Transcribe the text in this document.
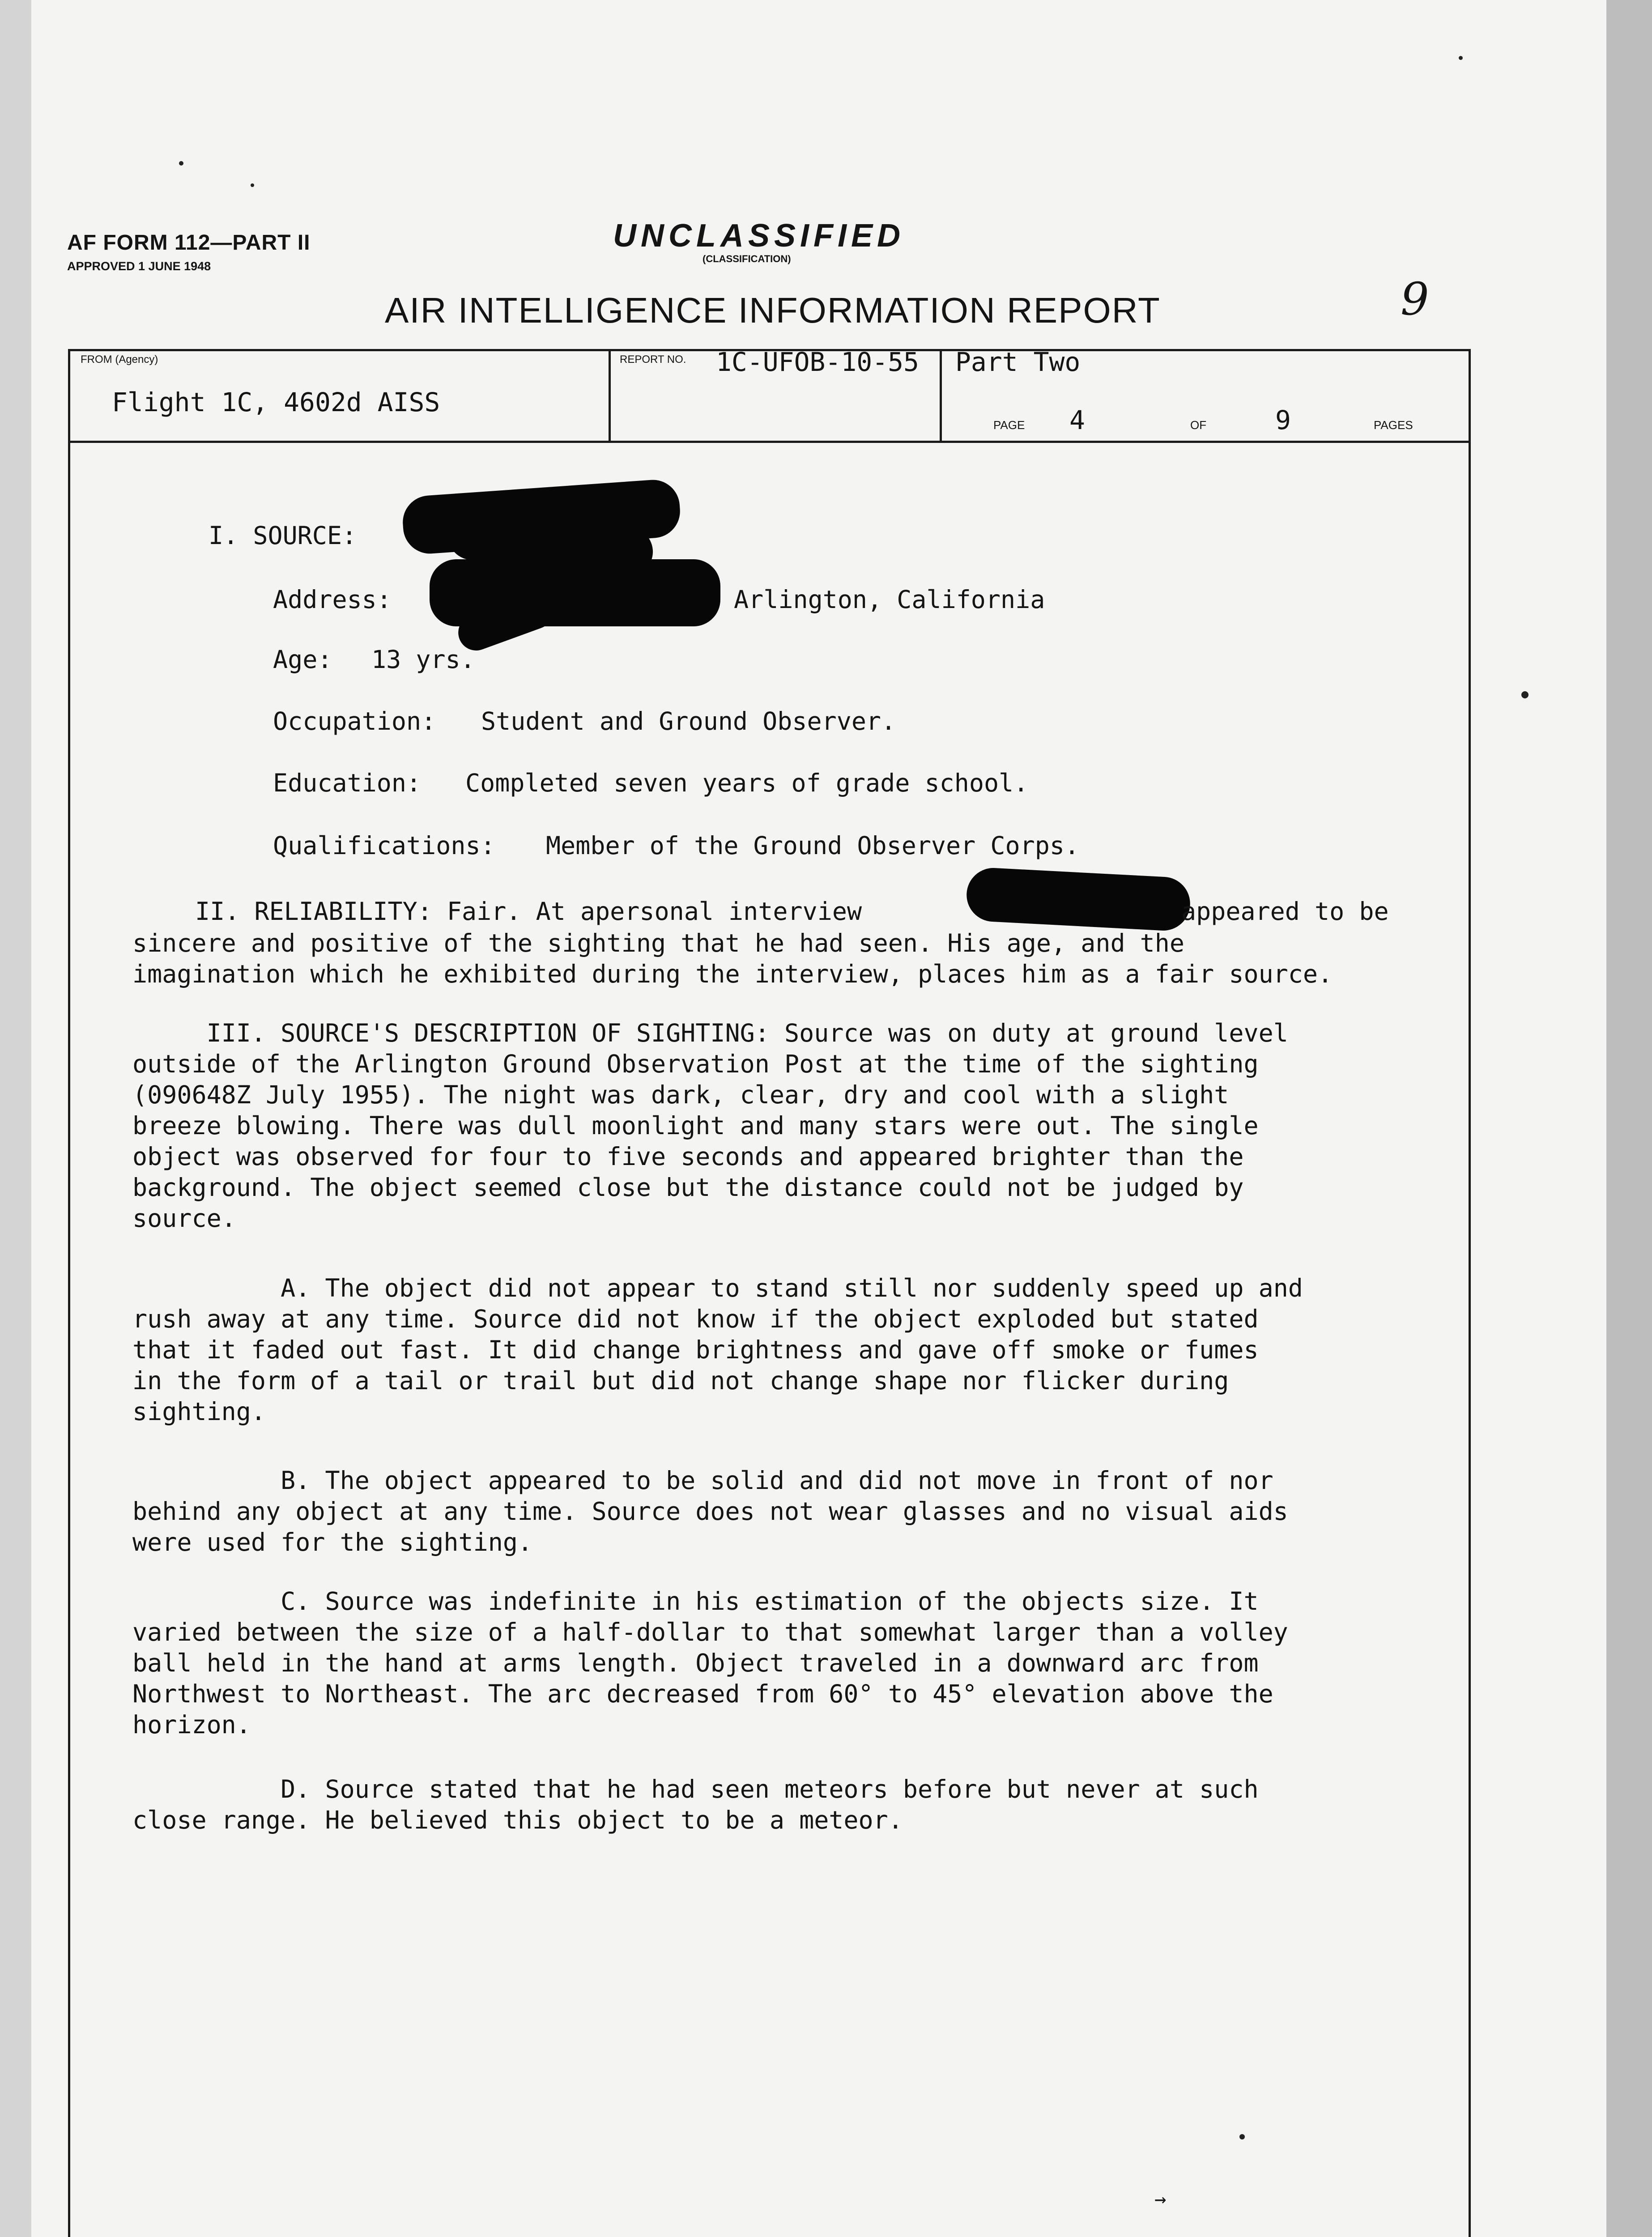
AF FORM 112—PART II
APPROVED 1 JUNE 1948
UNCLASSIFIED
(CLASSIFICATION)
AIR INTELLIGENCE INFORMATION REPORT	9
FROM (Agency)
Flight 1C, 4602d AISS
REPORT NO. 1C-UFOB-10-55 Part Two
PAGE 4	OF	9	PAGES
I. SOURCE:
Address:	Arlington, California
Age: 13 yrs.
Occupation: Student and Ground Observer.
Education: Completed seven years of grade school.
Qualifications: Member of the Ground Observer Corps.
II. RELIABILITY: Fair. At apersonal interview	appeared to be
sincere and positive of the sighting that he had seen. His age, and the
imagination which he exhibited during the interview, places him as a fair source.
III. SOURCE'S DESCRIPTION OF SIGHTING: Source was on duty at ground level
outside of the Arlington Ground Observation Post at the time of the sighting
(090648Z July 1955). The night was dark, clear, dry and cool with a slight
breeze blowing. There was dull moonlight and many stars were out. The single
object was observed for four to five seconds and appeared brighter than the
background. The object seemed close but the distance could not be judged by
source.
A. The object did not appear to stand still nor suddenly speed up and
rush away at any time. Source did not know if the object exploded but stated
that it faded out fast. It did change brightness and gave off smoke or fumes
in the form of a tail or trail but did not change shape nor flicker during
sighting.
B. The object appeared to be solid and did not move in front of nor
behind any object at any time. Source does not wear glasses and no visual aids
were used for the sighting.
C. Source was indefinite in his estimation of the objects size. It
varied between the size of a half-dollar to that somewhat larger than a volley
ball held in the hand at arms length. Object traveled in a downward arc from
Northwest to Northeast. The arc decreased from 60° to 45° elevation above the
horizon.
D. Source stated that he had seen meteors before but never at such
close range. He believed this object to be a meteor.
→
